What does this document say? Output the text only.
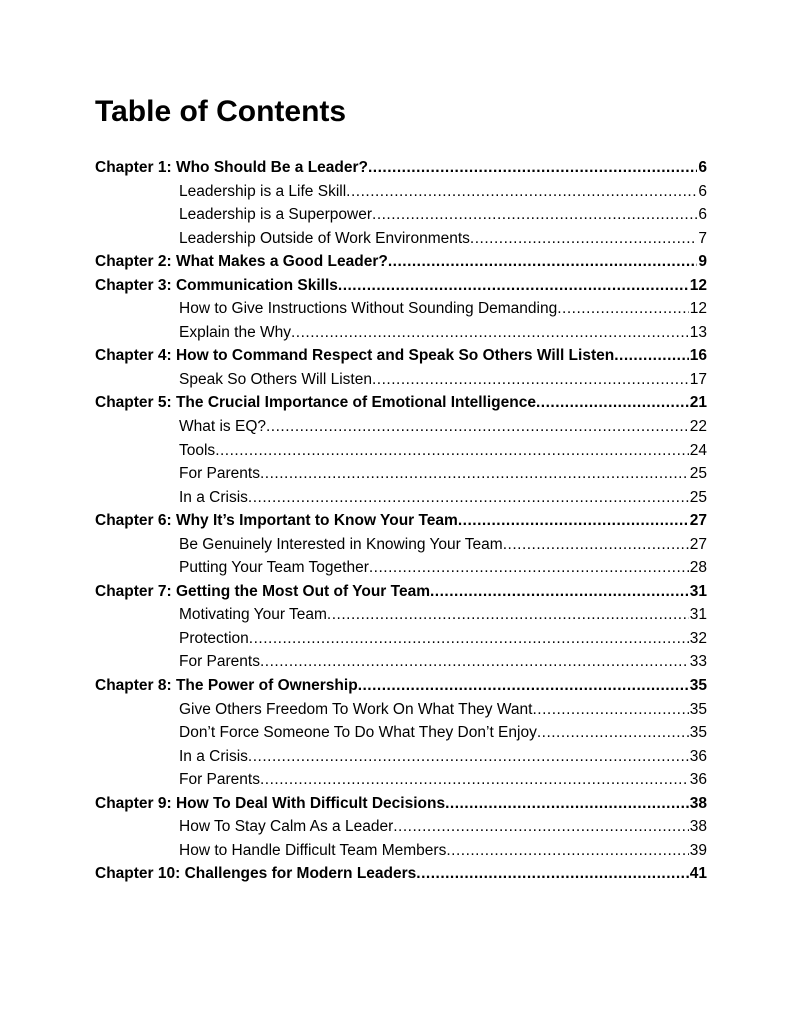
Table of Contents
Chapter 1: Who Should Be a Leader? .....	6
Leadership is a Life Skill .....	6
Leadership is a Superpower .....	6
Leadership Outside of Work Environments .....	7
Chapter 2: What Makes a Good Leader? .....	9
Chapter 3: Communication Skills .....	12
How to Give Instructions Without Sounding Demanding .....	12
Explain the Why .....	13
Chapter 4: How to Command Respect and Speak So Others Will Listen .....	16
Speak So Others Will Listen .....	17
Chapter 5: The Crucial Importance of Emotional Intelligence .....	21
What is EQ? .....	22
Tools .....	24
For Parents .....	25
In a Crisis .....	25
Chapter 6: Why It’s Important to Know Your Team .....	27
Be Genuinely Interested in Knowing Your Team .....	27
Putting Your Team Together .....	28
Chapter 7: Getting the Most Out of Your Team .....	31
Motivating Your Team .....	31
Protection .....	32
For Parents .....	33
Chapter 8: The Power of Ownership .....	35
Give Others Freedom To Work On What They Want .....	35
Don’t Force Someone To Do What They Don’t Enjoy .....	35
In a Crisis .....	36
For Parents .....	36
Chapter 9: How To Deal With Difficult Decisions .....	38
How To Stay Calm As a Leader .....	38
How to Handle Difficult Team Members .....	39
Chapter 10: Challenges for Modern Leaders .....	41
